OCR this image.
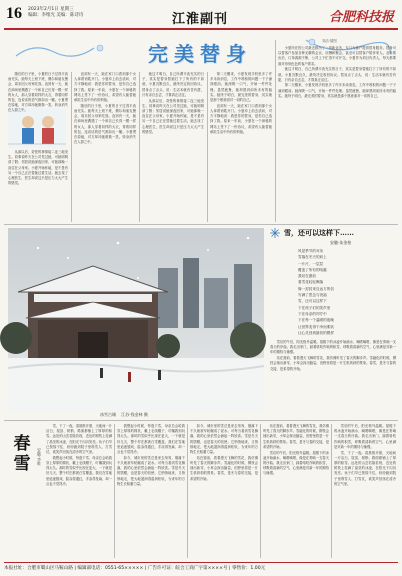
16 2023年2月1日 星期三
编辑：李维光 美编：陈诗诗	江淮副刊	合肥科技报
完美替身

随后的日子里，小夏的日子过得平淡而充实。她每天上班下班，偶尔和朋友聚会，周末回父母家吃饭。直到有一天，她在商场里偶遇了一个和自己长得一模一样的女人，那人穿着同样的大衣，背着同样的包，连说话的语气都如出一辙。小夏愣在原地，对方却冲她微微一笑，转身消失在人群之中。

从那以后，奇怪的事情接二连三地发生。同事说昨天在公司见过她，可她明明请了假；邻居说她深夜回家，可她那晚一直住在父母家。小夏开始怀疑，是不是有另一个自己正在替她过着生活。她去找了心理医生，医生却说这只是压力太大产生的错觉。

直到有一天，她在家门口看到那个女人拿着钥匙开门。小夏冲上前去质问，对方平静地说：我是你的替身，是你自己选择了我。原来一年前，小夏在一个神秘的网站上签下了一份协议，希望有人能替她承担生活中所有的烦恼。

随后的日子里，小夏的日子过得平淡而充实。她每天上班下班，偶尔和朋友聚会，周末回父母家吃饭。直到有一天，她在商场里偶遇了一个和自己长得一模一样的女人，那人穿着同样的大衣，背着同样的包，连说话的语气都如出一辙。小夏愣在原地，对方却冲她微微一笑，转身消失在人群之中。

她这才明白，自己所谓平淡充实的日子，其实是替身替她扛下了所有的不如意。小夏沉默良久，最终决定收回协议。替身点了点头，说：生活本就有苦有甜，只有亲自去尝，才算真正活过。

从那以后，奇怪的事情接二连三地发生。同事说昨天在公司见过她，可她明明请了假；邻居说她深夜回家，可她那晚一直住在父母家。小夏开始怀疑，是不是有另一个自己正在替她过着生活。她去找了心理医生，医生却说这只是压力太大产生的错觉。

第二天醒来，小夏发现手机里多了许多未读消息，工作中堆积的问题一下子涌到眼前。她深吸一口气，开始一件件处理。虽然疲惫，她却感到前所未有的踏实。她终于明白，最完美的替身，其实就是那个愿意面对一切的自己。

直到有一天，她在家门口看到那个女人拿着钥匙开门。小夏冲上前去质问，对方平静地说：我是你的替身，是你自己选择了我。原来一年前，小夏在一个神秘的网站上签下了一份协议，希望有人能替她承担生活中所有的烦恼。

刘洁·插图

小夏所在的公司最近推出了一项新业务，专门为客户提供替身服务。替身可以替客户参加各种无聊的会议、应酬和聚会，甚至可以替客户陪伴家人。业务推出后，订单源源不断，公司上下忙得不可开交。小夏作为项目负责人，每天都要面对形形色色的客户需求。

她这才明白，自己所谓平淡充实的日子，其实是替身替她扛下了所有的不如意。小夏沉默良久，最终决定收回协议。替身点了点头，说：生活本就有苦有甜，只有亲自去尝，才算真正活过。

第二天醒来，小夏发现手机里多了许多未读消息，工作中堆积的问题一下子涌到眼前。她深吸一口气，开始一件件处理。虽然疲惫，她却感到前所未有的踏实。她终于明白，最完美的替身，其实就是那个愿意面对一切的自己。

冰雪古城 江苏·钱金林 摄
雪，还可以这样下……
安徽·朱金柏
风是季节的耳朵
雪落在冬天的肩上
一片片，一层层
覆盖了所有的喧嚣
我站在窗前
看雪花轻轻飘落
像一封封来自远方的信
写满了思念与祝福
雪，还可以这样下
下在孩子们的笑声里
下在母亲的叮咛中
下在每一个温暖的夜晚
让世界变得干净而柔软
让心灵回到最初的模样

雪后的午后，阳光格外温暖。屋檐下的冰凌开始滴水，嘀嗒嘀嗒，像是在奏响一支春天的序曲。我走出家门，踩着咯吱作响的积雪，呼吸着清新的空气，心里满是对新一年的期待与憧憬。

站在窗前，看着漫天飞舞的雪花，我仿佛听见了春天的脚步声。雪融化的时候，柳枝会抽出新芽，小草会探出脑袋，田野里将是一片生机勃勃的景象。春雪，是冬与春的交接，是希望的开始。

春
雪	安徽·李维

雪，下了一夜。清晨推开窗，天地间一片洁白，屋顶、树梢、路面都铺上了厚厚的积雪。远处的山峦若隐若现，近处的树枝上挂满了晶莹的冰凌，在阳光下闪闪发亮。孩子们早已按捺不住，纷纷跑到院子里堆雪人、打雪仗，欢笑声回荡在清冷的空气里。

我想起小时候，每逢下雪，母亲总会给我穿上厚厚的棉袄，戴上毛线帽子，叮嘱我别玩得太久。那时的雪似乎比现在更大，一下就是好几天，整个村庄都被白雪覆盖。我们在雪地里追逐嬉戏，脸冻得通红，手冻得发麻，却一点也不觉得冷。

我想起小时候，每逢下雪，母亲总会给我穿上厚厚的棉袄，戴上毛线帽子，叮嘱我别玩得太久。那时的雪似乎比现在更大，一下就是好几天，整个村庄都被白雪覆盖。我们在雪地里追逐嬉戏，脸冻得通红，手冻得发麻，却一点也不觉得冷。

如今，城市里的雪总是来去匆匆，刚落下不久就被车轮碾成了泥水。可每当看到雪花飘落，我的心里依然会涌起一阵欣喜。雪是冬天的馈赠，也是春天的信使。它悄悄地来，又悄悄地走，把大地滋润得湿润松软，为来年的万物生长积蓄力量。

如今，城市里的雪总是来去匆匆，刚落下不久就被车轮碾成了泥水。可每当看到雪花飘落，我的心里依然会涌起一阵欣喜。雪是冬天的馈赠，也是春天的信使。它悄悄地来，又悄悄地走，把大地滋润得湿润松软，为来年的万物生长积蓄力量。

站在窗前，看着漫天飞舞的雪花，我仿佛听见了春天的脚步声。雪融化的时候，柳枝会抽出新芽，小草会探出脑袋，田野里将是一片生机勃勃的景象。春雪，是冬与春的交接，是希望的开始。

站在窗前，看着漫天飞舞的雪花，我仿佛听见了春天的脚步声。雪融化的时候，柳枝会抽出新芽，小草会探出脑袋，田野里将是一片生机勃勃的景象。春雪，是冬与春的交接，是希望的开始。

雪后的午后，阳光格外温暖。屋檐下的冰凌开始滴水，嘀嗒嘀嗒，像是在奏响一支春天的序曲。我走出家门，踩着咯吱作响的积雪，呼吸着清新的空气，心里满是对新一年的期待与憧憬。

雪后的午后，阳光格外温暖。屋檐下的冰凌开始滴水，嘀嗒嘀嗒，像是在奏响一支春天的序曲。我走出家门，踩着咯吱作响的积雪，呼吸着清新的空气，心里满是对新一年的期待与憧憬。

雪，下了一夜。清晨推开窗，天地间一片洁白，屋顶、树梢、路面都铺上了厚厚的积雪。远处的山峦若隐若现，近处的树枝上挂满了晶莹的冰凌，在阳光下闪闪发亮。孩子们早已按捺不住，纷纷跑到院子里堆雪人、打雪仗，欢笑声回荡在清冷的空气里。

本报社址：合肥市蜀山区马鞍山路 | 编辑部电话：0551-65××××× | 广告许可证：皖合工商广字第××××号 | 零售价：1.00元
